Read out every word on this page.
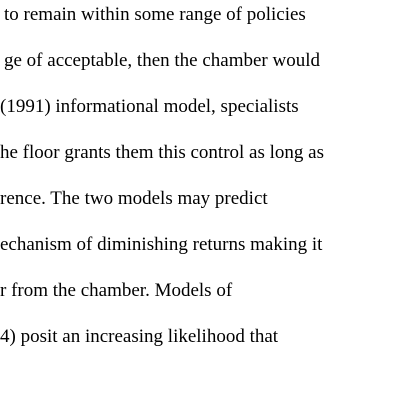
to remain within some range of policies

ge of acceptable, then the chamber would

(1991) informational model, specialists

he floor grants them this control as long as

rence. The two models may predict

echanism of diminishing returns making it

r from the chamber. Models of

4) posit an increasing likelihood that
